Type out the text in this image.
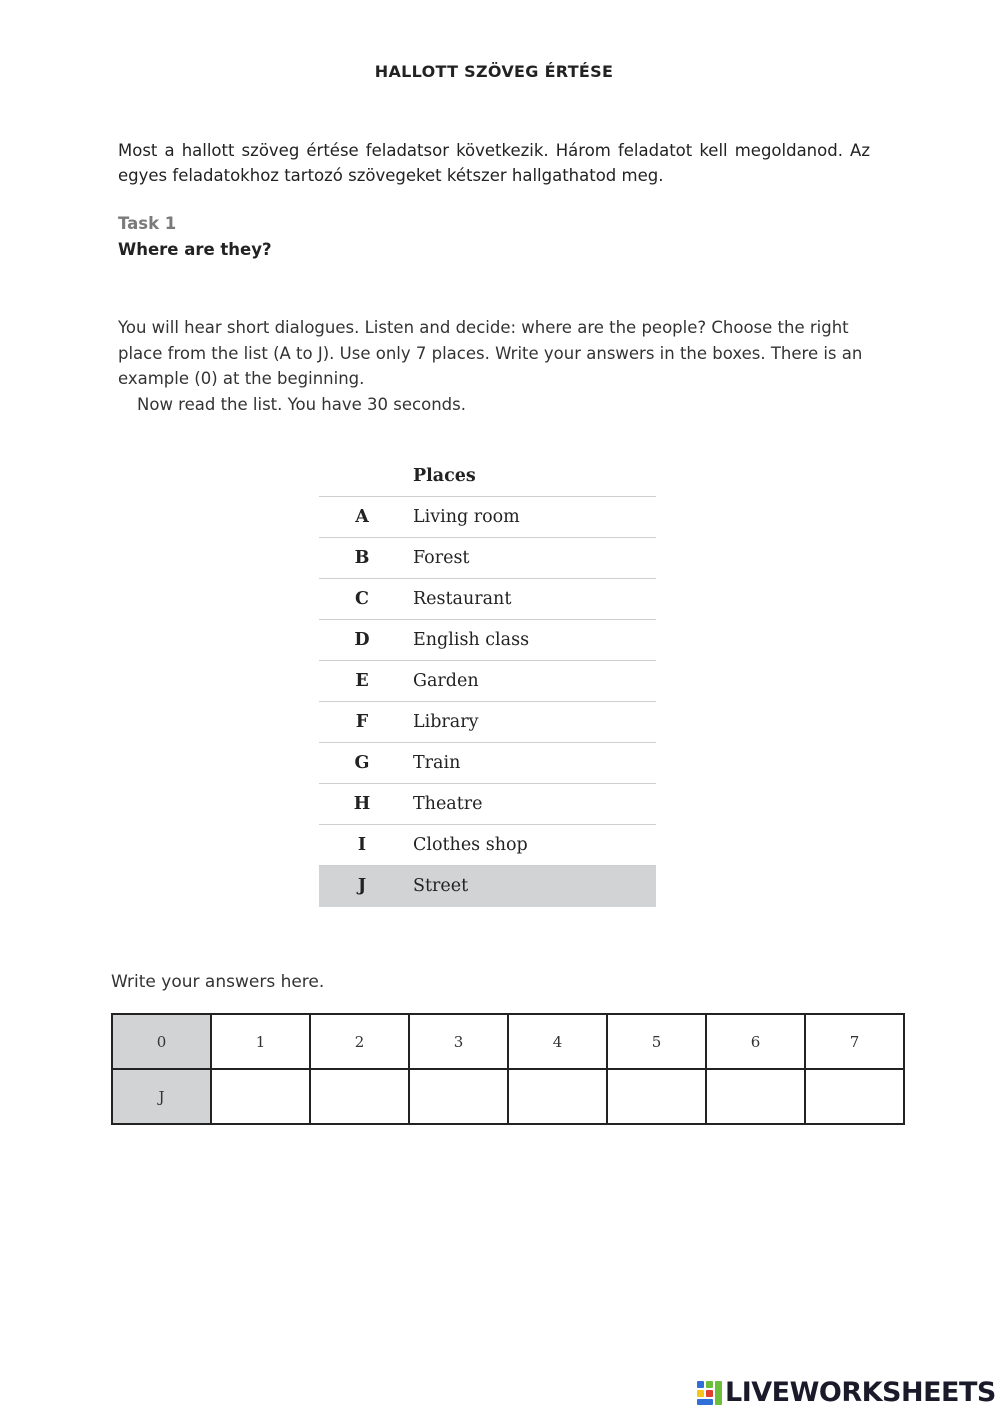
HALLOTT SZÖVEG ÉRTÉSE

Most a hallott szöveg értése feladatsor következik. Három feladatot kell megoldanod. Az egyes feladatokhoz tartozó szövegeket kétszer hallgathatod meg.

Task 1
Where are they?

You will hear short dialogues. Listen and decide: where are the people? Choose the right place from the list (A to J). Use only 7 places. Write your answers in the boxes. There is an example (0) at the beginning.

Now read the list. You have 30 seconds.

Places
A	Living room
B	Forest
C	Restaurant
D	English class
E	Garden
F	Library
G	Train
H	Theatre
I	Clothes shop
J	Street
Write your answers here.
0	1	2	3	4	5	6	7
J							
LIVEWORKSHEETS
